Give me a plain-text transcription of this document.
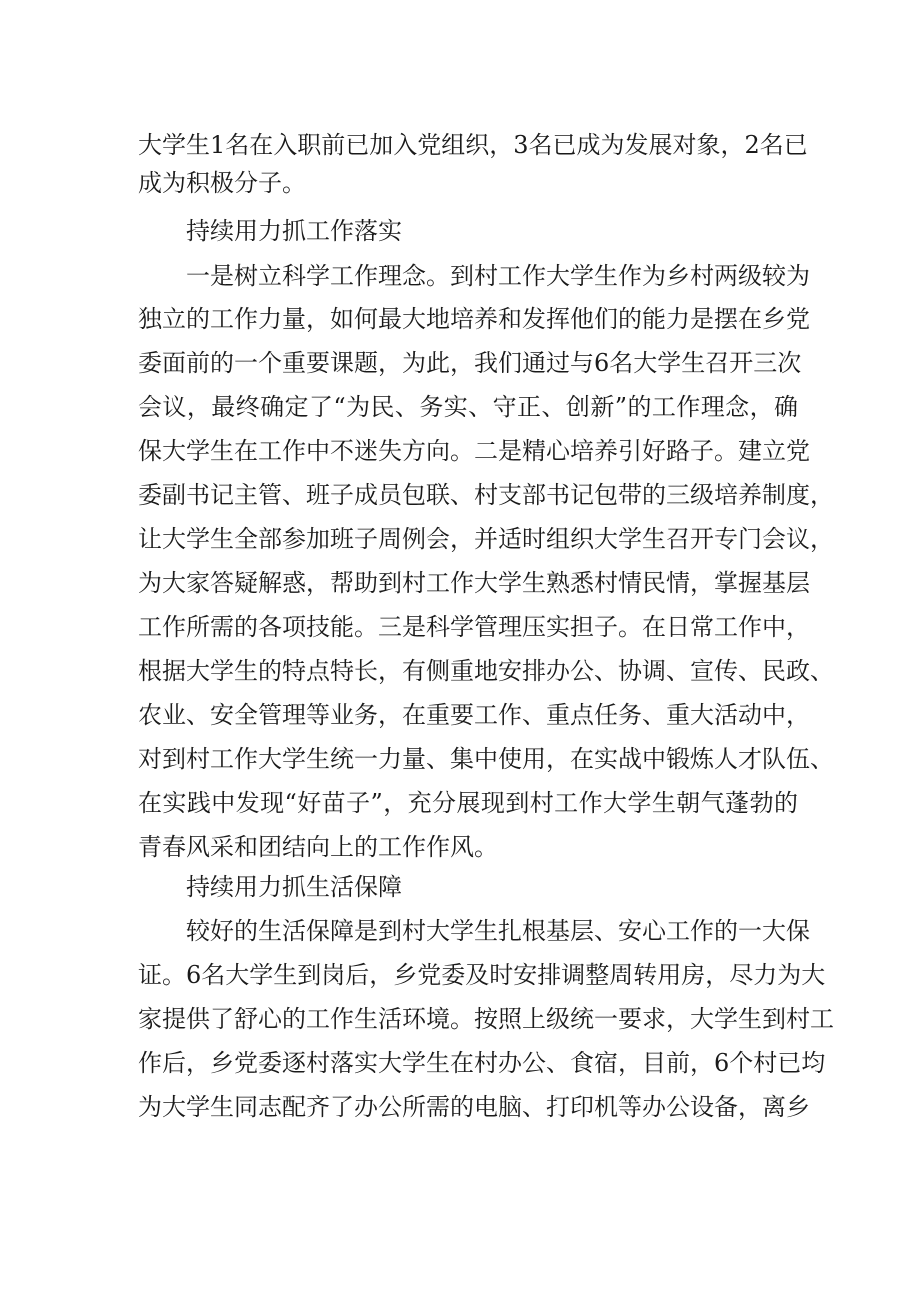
大学生1名在入职前已加入党组织，3名已成为发展对象，2名已
成为积极分子。
持续用力抓工作落实
一是树立科学工作理念。到村工作大学生作为乡村两级较为
独立的工作力量，如何最大地培养和发挥他们的能力是摆在乡党
委面前的一个重要课题，为此，我们通过与6名大学生召开三次
会议，最终确定了“为民、务实、守正、创新”的工作理念，确
保大学生在工作中不迷失方向。二是精心培养引好路子。建立党
委副书记主管、班子成员包联、村支部书记包带的三级培养制度，
让大学生全部参加班子周例会，并适时组织大学生召开专门会议，
为大家答疑解惑，帮助到村工作大学生熟悉村情民情，掌握基层
工作所需的各项技能。三是科学管理压实担子。在日常工作中，
根据大学生的特点特长，有侧重地安排办公、协调、宣传、民政、
农业、安全管理等业务，在重要工作、重点任务、重大活动中，
对到村工作大学生统一力量、集中使用，在实战中锻炼人才队伍、
在实践中发现“好苗子”，充分展现到村工作大学生朝气蓬勃的
青春风采和团结向上的工作作风。
持续用力抓生活保障
较好的生活保障是到村大学生扎根基层、安心工作的一大保
证。6名大学生到岗后，乡党委及时安排调整周转用房，尽力为大
家提供了舒心的工作生活环境。按照上级统一要求，大学生到村工
作后，乡党委逐村落实大学生在村办公、食宿，目前，6个村已均
为大学生同志配齐了办公所需的电脑、打印机等办公设备，离乡
